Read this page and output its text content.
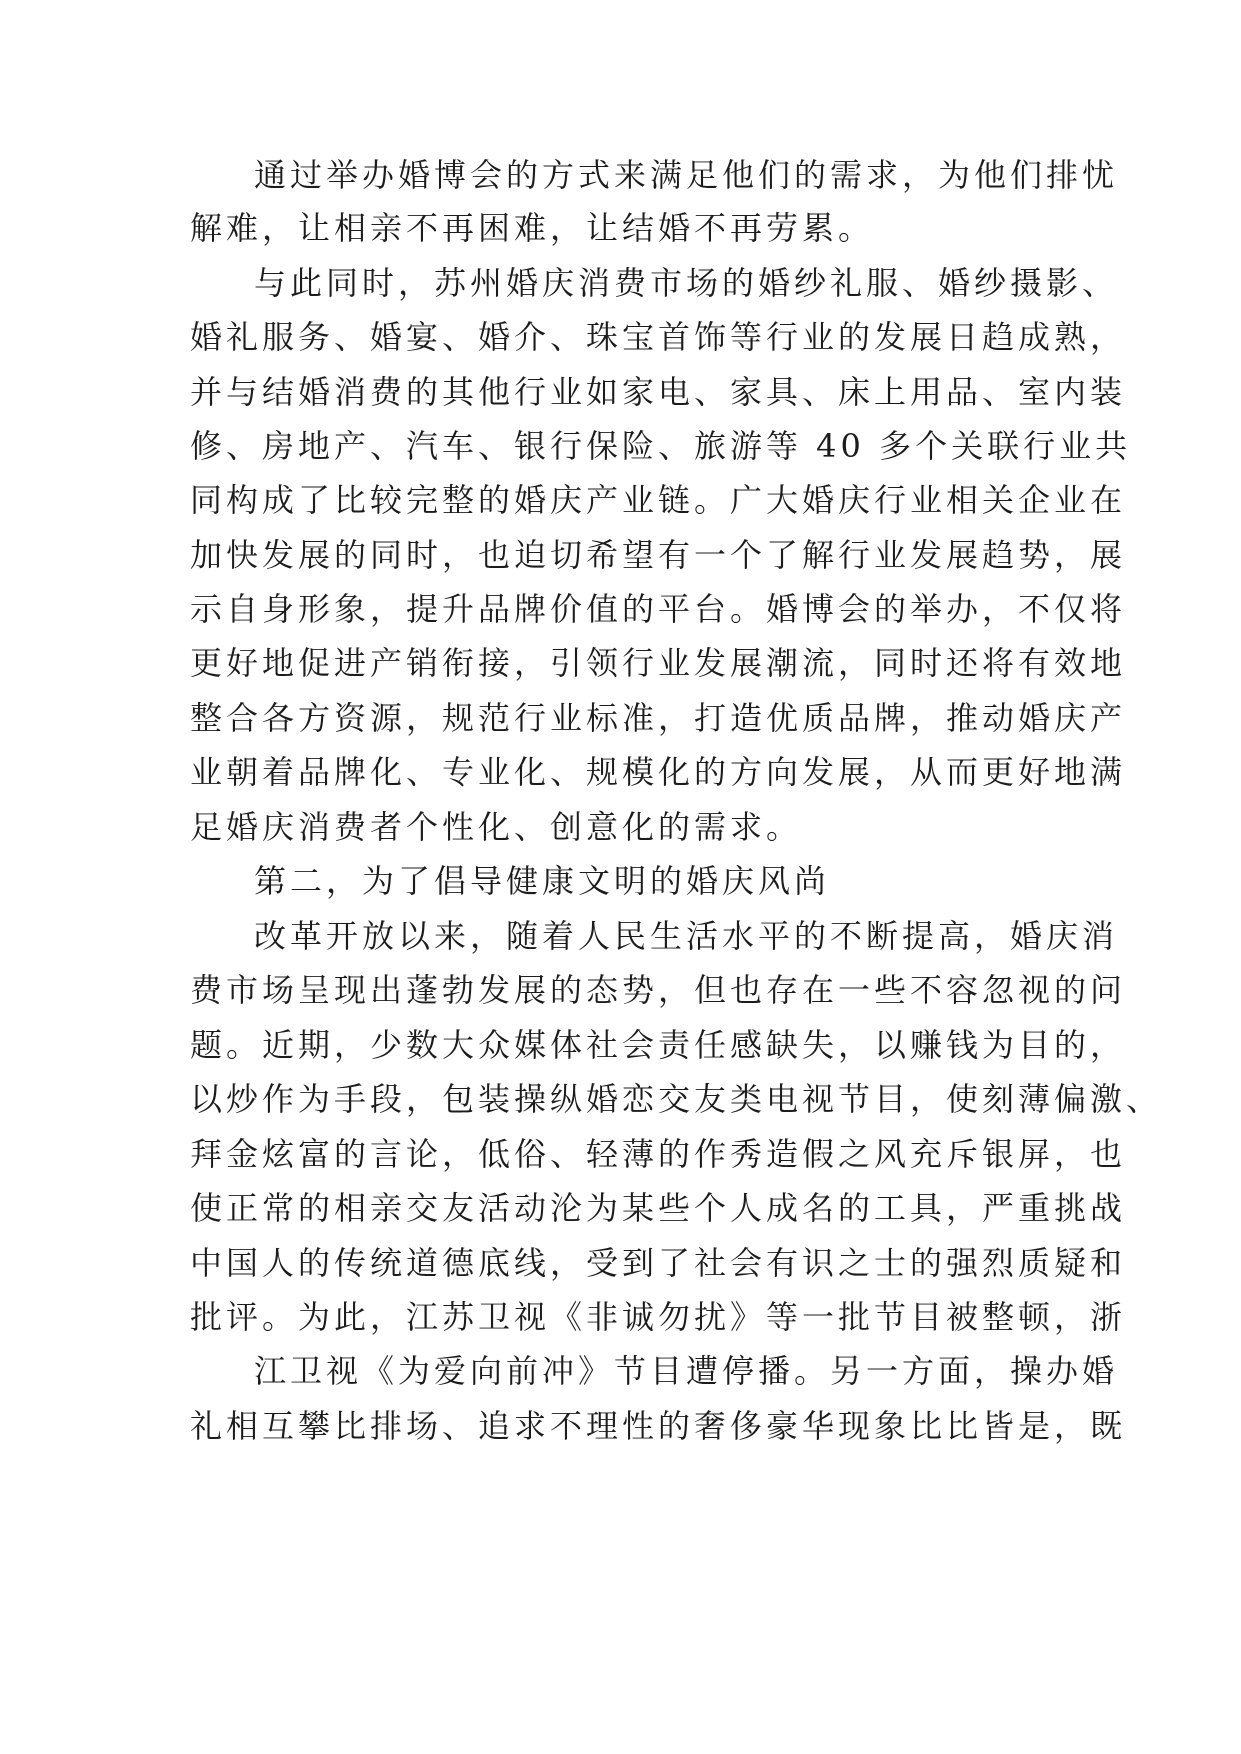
通过举办婚博会的方式来满足他们的需求，为他们排忧
解难，让相亲不再困难，让结婚不再劳累。
与此同时，苏州婚庆消费市场的婚纱礼服、婚纱摄影、
婚礼服务、婚宴、婚介、珠宝首饰等行业的发展日趋成熟，
并与结婚消费的其他行业如家电、家具、床上用品、室内装
修、房地产、汽车、银行保险、旅游等 40 多个关联行业共
同构成了比较完整的婚庆产业链。广大婚庆行业相关企业在
加快发展的同时，也迫切希望有一个了解行业发展趋势，展
示自身形象，提升品牌价值的平台。婚博会的举办，不仅将
更好地促进产销衔接，引领行业发展潮流，同时还将有效地
整合各方资源，规范行业标准，打造优质品牌，推动婚庆产
业朝着品牌化、专业化、规模化的方向发展，从而更好地满
足婚庆消费者个性化、创意化的需求。
第二，为了倡导健康文明的婚庆风尚
改革开放以来，随着人民生活水平的不断提高，婚庆消
费市场呈现出蓬勃发展的态势，但也存在一些不容忽视的问
题。近期，少数大众媒体社会责任感缺失，以赚钱为目的，
以炒作为手段，包装操纵婚恋交友类电视节目，使刻薄偏激、
拜金炫富的言论，低俗、轻薄的作秀造假之风充斥银屏，也
使正常的相亲交友活动沦为某些个人成名的工具，严重挑战
中国人的传统道德底线，受到了社会有识之士的强烈质疑和
批评。为此，江苏卫视《非诚勿扰》等一批节目被整顿，浙
江卫视《为爱向前冲》节目遭停播。另一方面，操办婚
礼相互攀比排场、追求不理性的奢侈豪华现象比比皆是，既
